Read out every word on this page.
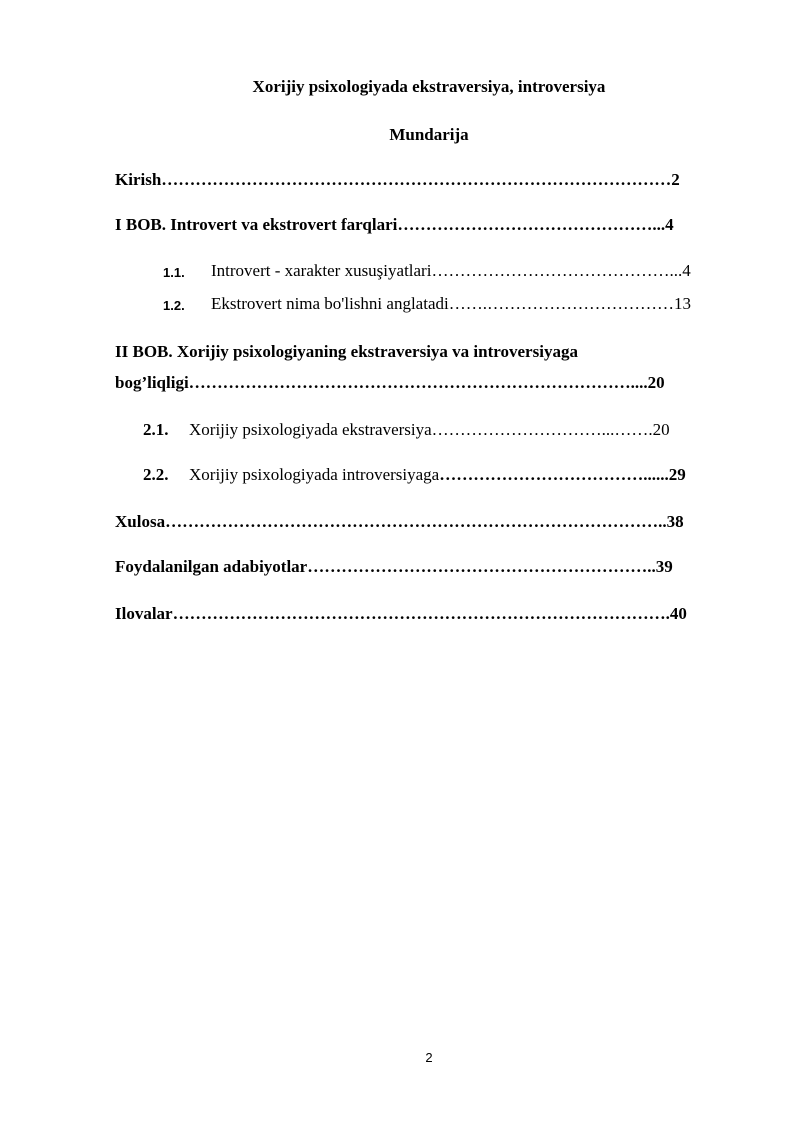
Xorijiy psixologiyada ekstraversiya, introversiya
Mundarija
Kirish………………………………………………………………………………2
I BOB. Introvert va ekstrovert farqlari………………………………………...4
1.1. Introvert - xarakter xusuşiyatlari……………………………………...4
1.2. Ekstrovert nima bo'lishni anglatadi…….……………………………13
II BOB. Xorijiy psixologiyaning ekstraversiya va introversiyaga
bog’liqligi……………………………………………………………………....20
2.1. Xorijiy psixologiyada ekstraversiya…………………………...…….20
2.2. Xorijiy psixologiyada introversiyaga………………………………......29
Xulosa……………………………………………………………………………..38
Foydalanilgan adabiyotlar……………………………………………………..39
Ilovalar…………………………………………………………………………….40
2
